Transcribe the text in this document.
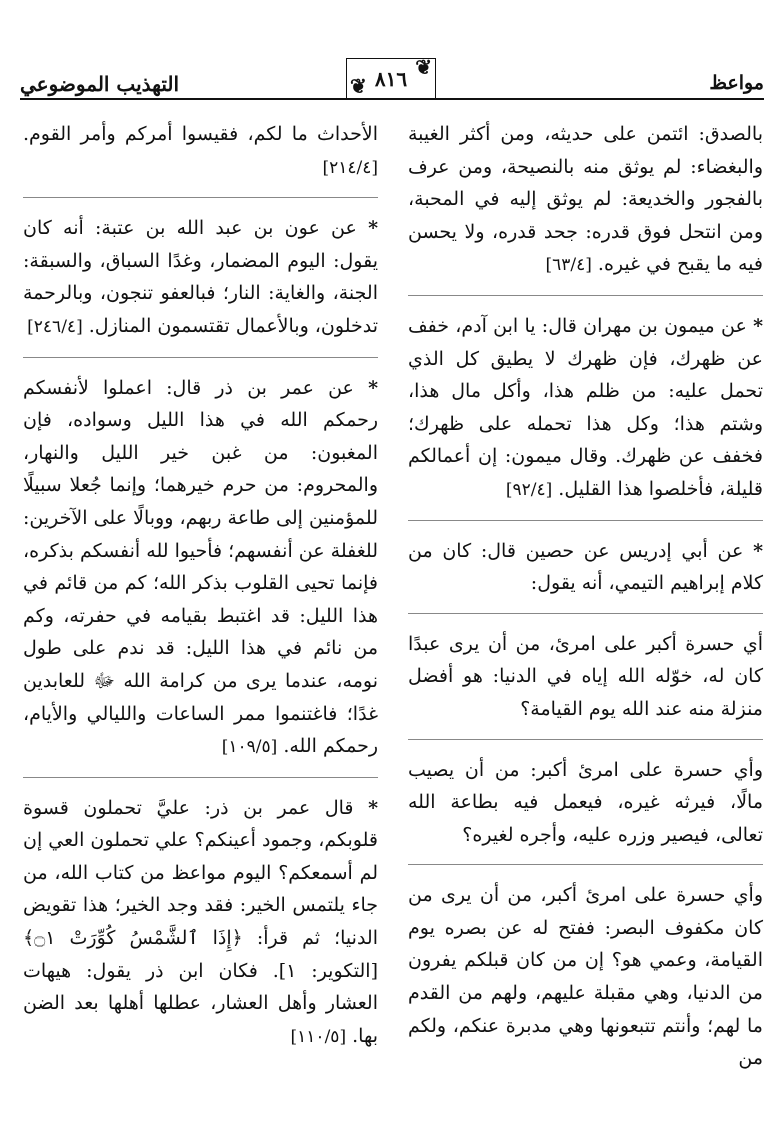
مواعظ
❦
٨١٦
❦
التهذيب الموضوعي

بالصدق: ائتمن على حديثه، ومن أكثر الغيبة والبغضاء: لم يوثق منه بالنصيحة، ومن عرف بالفجور والخديعة: لم يوثق إليه في المحبة، ومن انتحل فوق قدره: جحد قدره، ولا يحسن فيه ما يقبح في غيره. [٦٣/٤]

* عن ميمون بن مهران قال: يا ابن آدم، خفف عن ظهرك، فإن ظهرك لا يطيق كل الذي تحمل عليه: من ظلم هذا، وأكل مال هذا، وشتم هذا؛ وكل هذا تحمله على ظهرك؛ فخفف عن ظهرك. وقال ميمون: إن أعمالكم قليلة، فأخلصوا هذا القليل. [٩٢/٤]

* عن أبي إدريس عن حصين قال: كان من كلام إبراهيم التيمي، أنه يقول:

أي حسرة أكبر على امرئ، من أن يرى عبدًا كان له، خوّله الله إياه في الدنيا: هو أفضل منزلة منه عند الله يوم القيامة؟

وأي حسرة على امرئ أكبر: من أن يصيب مالًا، فيرثه غيره، فيعمل فيه بطاعة الله تعالى، فيصير وزره عليه، وأجره لغيره؟

وأي حسرة على امرئ أكبر، من أن يرى من كان مكفوف البصر: ففتح له عن بصره يوم القيامة، وعمي هو؟ إن من كان قبلكم يفرون من الدنيا، وهي مقبلة عليهم، ولهم من القدم ما لهم؛ وأنتم تتبعونها وهي مدبرة عنكم، ولكم من

الأحداث ما لكم، فقيسوا أمركم وأمر القوم. [٢١٤/٤]

* عن عون بن عبد الله بن عتبة: أنه كان يقول: اليوم المضمار، وغدًا السباق، والسبقة: الجنة، والغاية: النار؛ فبالعفو تنجون، وبالرحمة تدخلون، وبالأعمال تقتسمون المنازل. [٢٤٦/٤]

* عن عمر بن ذر قال: اعملوا لأنفسكم رحمكم الله في هذا الليل وسواده، فإن المغبون: من غبن خير الليل والنهار، والمحروم: من حرم خيرهما؛ وإنما جُعلا سبيلًا للمؤمنين إلى طاعة ربهم، ووبالًا على الآخرين: للغفلة عن أنفسهم؛ فأحيوا لله أنفسكم بذكره، فإنما تحيى القلوب بذكر الله؛ كم من قائم في هذا الليل: قد اغتبط بقيامه في حفرته، وكم من نائم في هذا الليل: قد ندم على طول نومه، عندما يرى من كرامة الله ﷻ للعابدين غدًا؛ فاغتنموا ممر الساعات والليالي والأيام، رحمكم الله. [١٠٩/٥]

* قال عمر بن ذر: عليَّ تحملون قسوة قلوبكم، وجمود أعينكم؟ علي تحملون العي إن لم أسمعكم؟ اليوم مواعظ من كتاب الله، من جاء يلتمس الخير: فقد وجد الخير؛ هذا تقويض الدنيا؛ ثم قرأ: ﴿إِذَا ٱلشَّمْسُ كُوِّرَتْ ۝١﴾ [التكوير: ١]. فكان ابن ذر يقول: هيهات العشار وأهل العشار، عطلها أهلها بعد الضن بها. [١١٠/٥]
